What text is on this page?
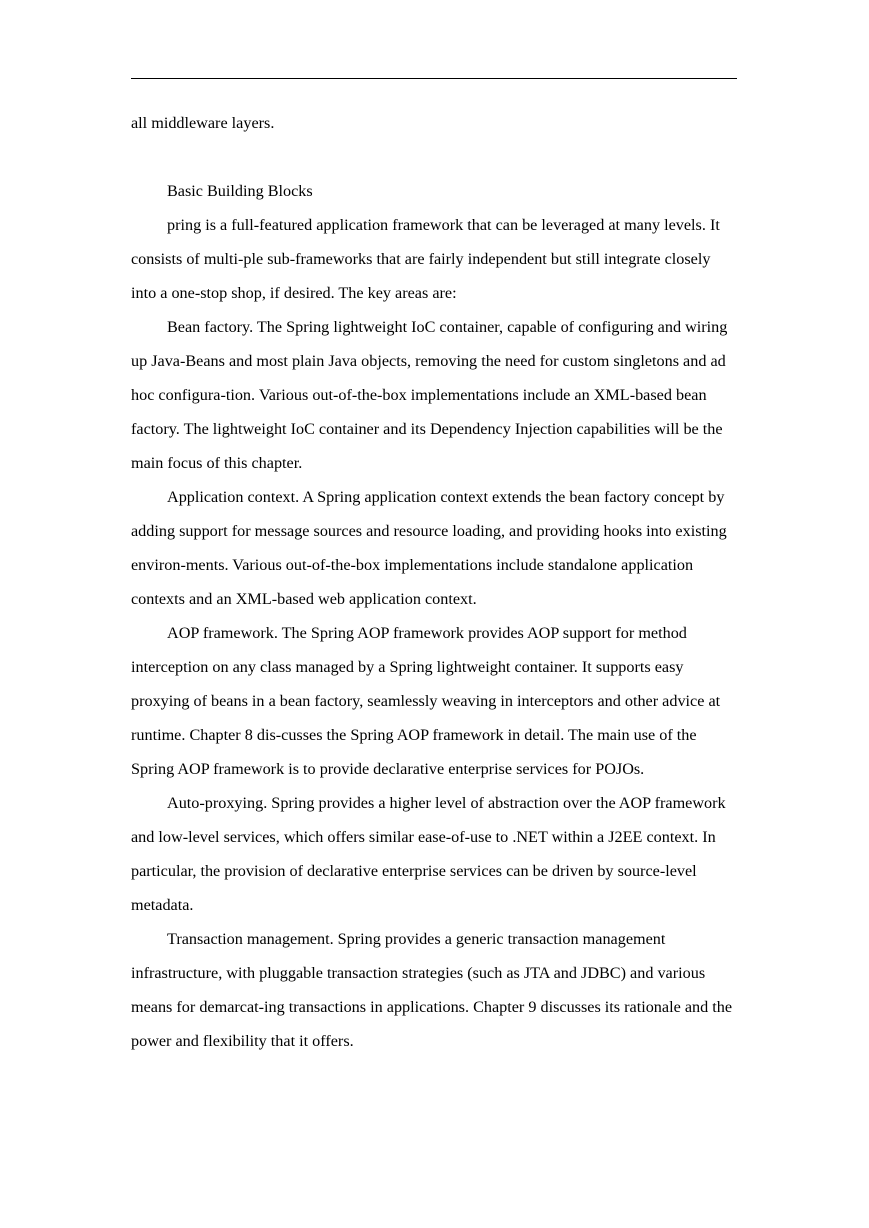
all middleware layers.

Basic Building Blocks

pring is a full-featured application framework that can be leveraged at many levels. It consists of multi-ple sub-frameworks that are fairly independent but still integrate closely into a one-stop shop, if desired. The key areas are:

Bean factory. The Spring lightweight IoC container, capable of configuring and wiring up Java-Beans and most plain Java objects, removing the need for custom singletons and ad hoc configura-tion. Various out-of-the-box implementations include an XML-based bean factory. The lightweight IoC container and its Dependency Injection capabilities will be the main focus of this chapter.

Application context. A Spring application context extends the bean factory concept by adding support for message sources and resource loading, and providing hooks into existing environ-ments. Various out-of-the-box implementations include standalone application contexts and an XML-based web application context.

AOP framework. The Spring AOP framework provides AOP support for method interception on any class managed by a Spring lightweight container. It supports easy proxying of beans in a bean factory, seamlessly weaving in interceptors and other advice at runtime. Chapter 8 dis-cusses the Spring AOP framework in detail. The main use of the Spring AOP framework is to provide declarative enterprise services for POJOs.

Auto-proxying. Spring provides a higher level of abstraction over the AOP framework and low-level services, which offers similar ease-of-use to .NET within a J2EE context. In particular, the provision of declarative enterprise services can be driven by source-level metadata.

Transaction management. Spring provides a generic transaction management infrastructure, with pluggable transaction strategies (such as JTA and JDBC) and various means for demarcat-ing transactions in applications. Chapter 9 discusses its rationale and the power and flexibility that it offers.
